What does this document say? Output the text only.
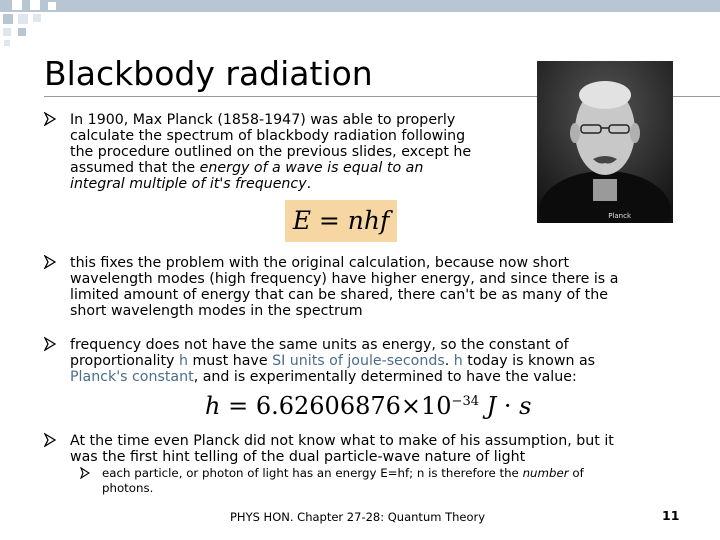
Blackbody radiation
Planck
In 1900, Max Planck (1858-1947) was able to properly
calculate the spectrum of blackbody radiation following
the procedure outlined on the previous slides, except he
assumed that the energy of a wave is equal to an
integral multiple of it's frequency.
E = nhf
this fixes the problem with the original calculation, because now short
wavelength modes (high frequency) have higher energy, and since there is a
limited amount of energy that can be shared, there can't be as many of the
short wavelength modes in the spectrum
frequency does not have the same units as energy, so the constant of
proportionality h must have SI units of joule-seconds. h today is known as
Planck's constant, and is experimentally determined to have the value:
$h = 6.62606876\times 10^{-34}$ J · s
At the time even Planck did not know what to make of his assumption, but it
was the first hint telling of the dual particle-wave nature of light
each particle, or photon of light has an energy E=hf; n is therefore the number of
photons.
PHYS HON. Chapter 27-28: Quantum Theory	11
